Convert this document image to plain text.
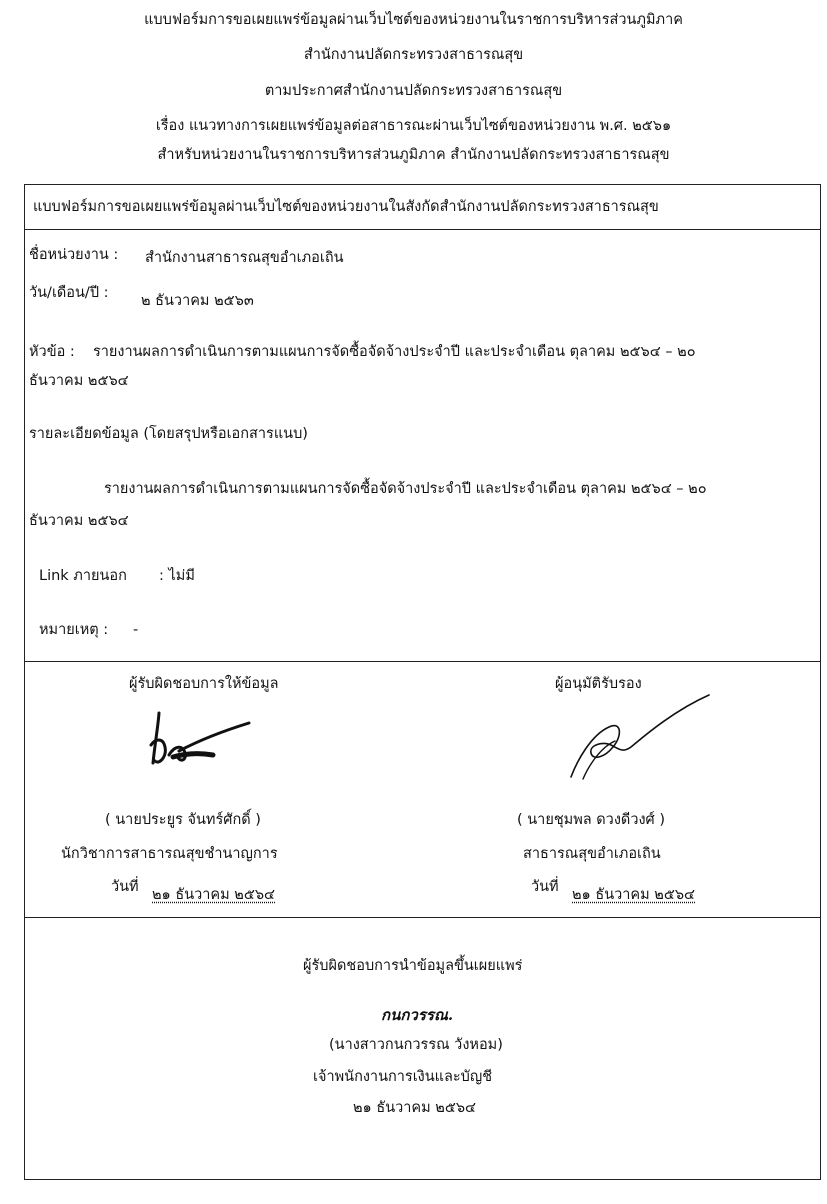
แบบฟอร์มการขอเผยแพร่ข้อมูลผ่านเว็บไซต์ของหน่วยงานในราชการบริหารส่วนภูมิภาค
สำนักงานปลัดกระทรวงสาธารณสุข
ตามประกาศสำนักงานปลัดกระทรวงสาธารณสุข
เรื่อง แนวทางการเผยแพร่ข้อมูลต่อสาธารณะผ่านเว็บไซต์ของหน่วยงาน พ.ศ. ๒๕๖๑
สำหรับหน่วยงานในราชการบริหารส่วนภูมิภาค สำนักงานปลัดกระทรวงสาธารณสุข
แบบฟอร์มการขอเผยแพร่ข้อมูลผ่านเว็บไซต์ของหน่วยงานในสังกัดสำนักงานปลัดกระทรวงสาธารณสุข
ชื่อหน่วยงาน : สำนักงานสาธารณสุขอำเภอเถิน
วัน/เดือน/ปี : ๒ ธันวาคม ๒๕๖๓
หัวข้อ : รายงานผลการดำเนินการตามแผนการจัดซื้อจัดจ้างประจำปี และประจำเดือน ตุลาคม ๒๕๖๔ – ๒๐
ธันวาคม ๒๕๖๔
รายละเอียดข้อมูล (โดยสรุปหรือเอกสารแนบ)
รายงานผลการดำเนินการตามแผนการจัดซื้อจัดจ้างประจำปี และประจำเดือน ตุลาคม ๒๕๖๔ – ๒๐
ธันวาคม ๒๕๖๔
Link ภายนอก : ไม่มี
หมายเหตุ : -
ผู้รับผิดชอบการให้ข้อมูล
( นายประยูร จันทร์ศักดิ์ )
นักวิชาการสาธารณสุขชำนาญการ
วันที่ ๒๑ ธันวาคม ๒๕๖๔
ผู้อนุมัติรับรอง
( นายชุมพล ดวงดีวงศ์ )
สาธารณสุขอำเภอเถิน
วันที่ ๒๑ ธันวาคม ๒๕๖๔
ผู้รับผิดชอบการนำข้อมูลขึ้นเผยแพร่
กนกวรรณ.
(นางสาวกนกวรรณ วังหอม)
เจ้าพนักงานการเงินและบัญชี
๒๑ ธันวาคม ๒๕๖๔
